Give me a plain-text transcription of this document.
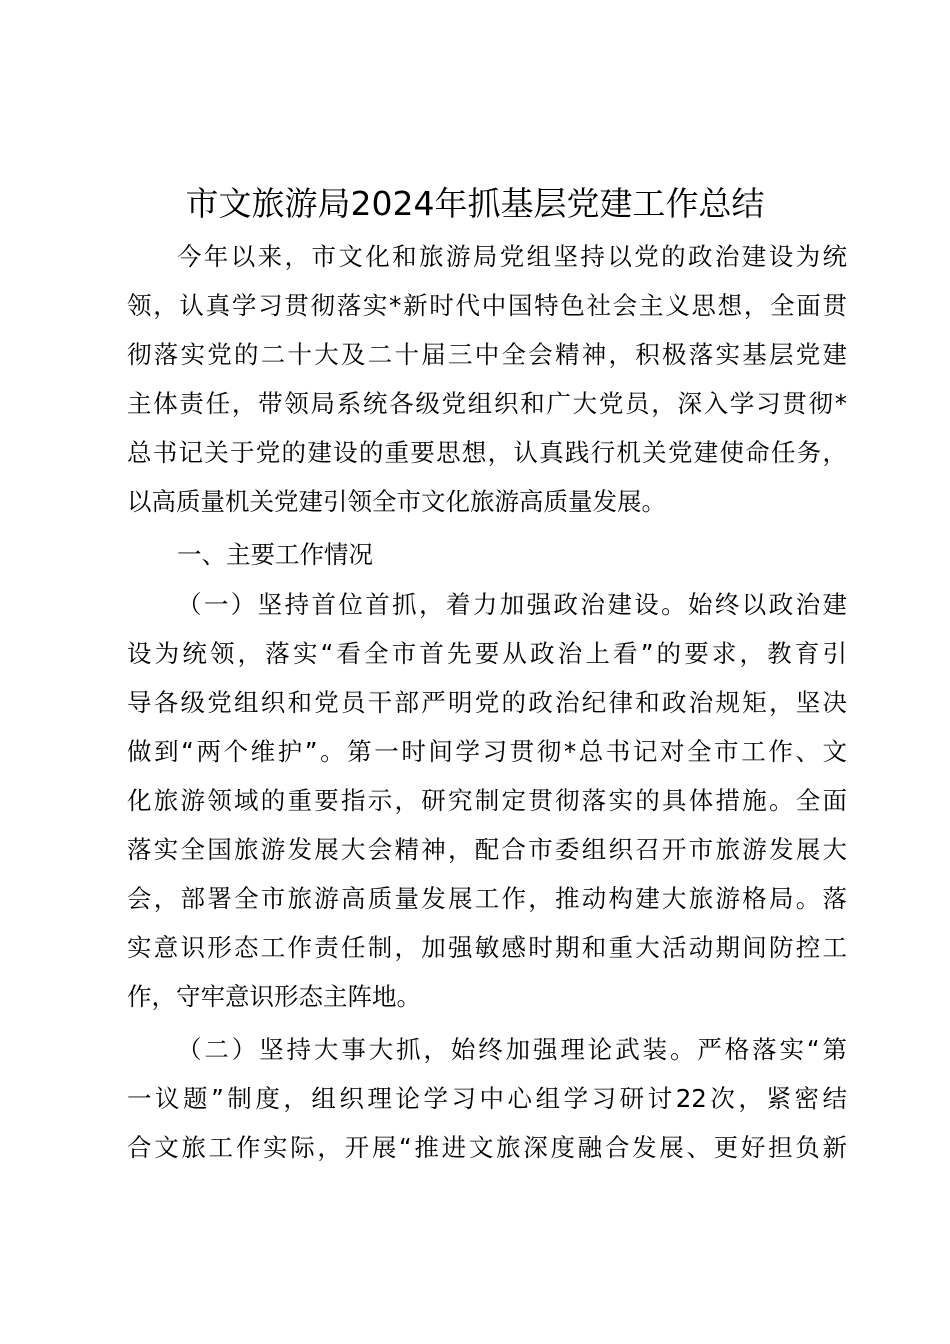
市文旅游局2024年抓基层党建工作总结
今年以来，市文化和旅游局党组坚持以党的政治建设为统
领，认真学习贯彻落实*新时代中国特色社会主义思想，全面贯
彻落实党的二十大及二十届三中全会精神，积极落实基层党建
主体责任，带领局系统各级党组织和广大党员，深入学习贯彻*
总书记关于党的建设的重要思想，认真践行机关党建使命任务，
以高质量机关党建引领全市文化旅游高质量发展。
一、主要工作情况
（一）坚持首位首抓，着力加强政治建设。始终以政治建
设为统领，落实“看全市首先要从政治上看”的要求，教育引
导各级党组织和党员干部严明党的政治纪律和政治规矩，坚决
做到“两个维护”。第一时间学习贯彻*总书记对全市工作、文
化旅游领域的重要指示，研究制定贯彻落实的具体措施。全面
落实全国旅游发展大会精神，配合市委组织召开市旅游发展大
会，部署全市旅游高质量发展工作，推动构建大旅游格局。落
实意识形态工作责任制，加强敏感时期和重大活动期间防控工
作，守牢意识形态主阵地。
（二）坚持大事大抓，始终加强理论武装。严格落实“第
一议题”制度，组织理论学习中心组学习研讨22次，紧密结
合文旅工作实际，开展“推进文旅深度融合发展、更好担负新
